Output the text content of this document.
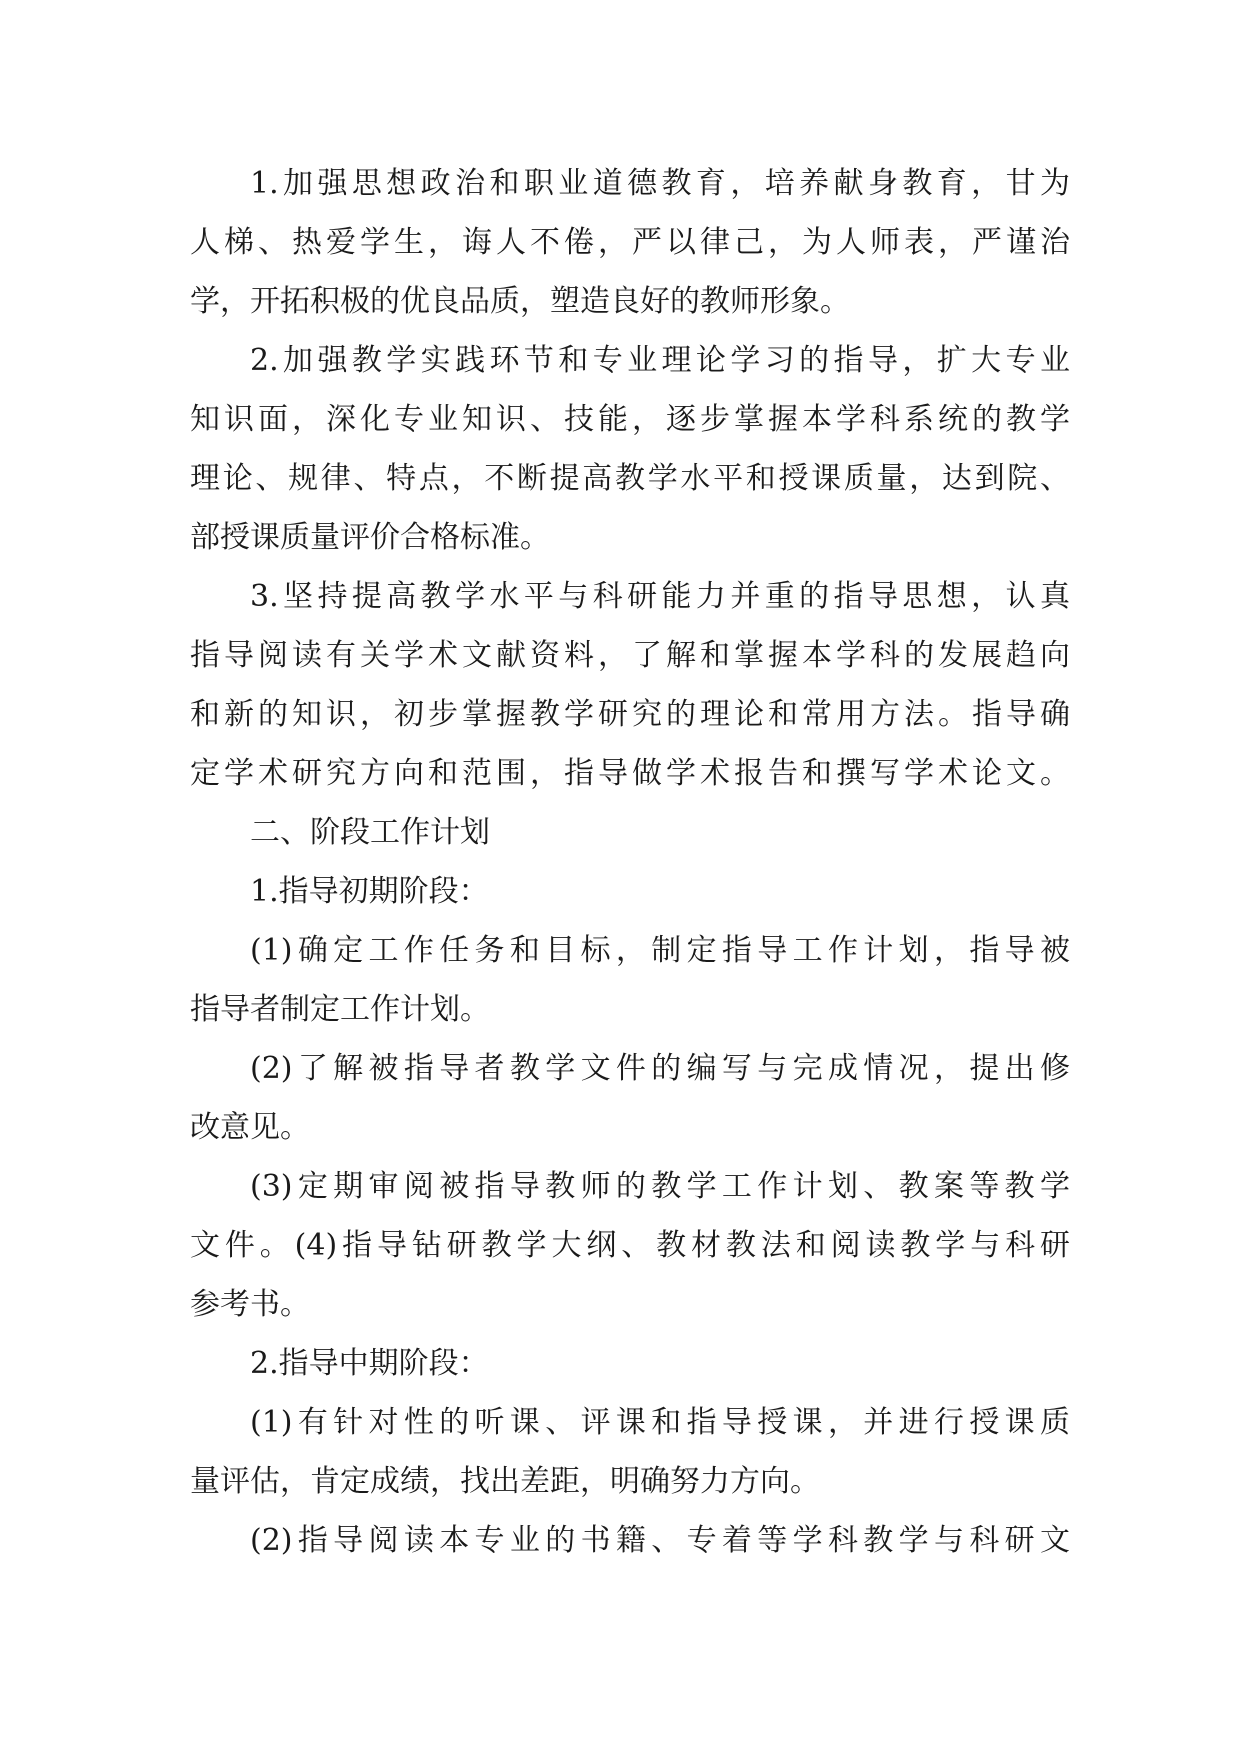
1.加强思想政治和职业道德教育，培养献身教育，甘为
人梯、热爱学生，诲人不倦，严以律己，为人师表，严谨治
学，开拓积极的优良品质，塑造良好的教师形象。
2.加强教学实践环节和专业理论学习的指导，扩大专业
知识面，深化专业知识、技能，逐步掌握本学科系统的教学
理论、规律、特点，不断提高教学水平和授课质量，达到院、
部授课质量评价合格标准。
3.坚持提高教学水平与科研能力并重的指导思想，认真
指导阅读有关学术文献资料，了解和掌握本学科的发展趋向
和新的知识，初步掌握教学研究的理论和常用方法。指导确
定学术研究方向和范围，指导做学术报告和撰写学术论文。
二、阶段工作计划
1.指导初期阶段：
(1)确定工作任务和目标，制定指导工作计划，指导被
指导者制定工作计划。
(2)了解被指导者教学文件的编写与完成情况，提出修
改意见。
(3)定期审阅被指导教师的教学工作计划、教案等教学
文件。(4)指导钻研教学大纲、教材教法和阅读教学与科研
参考书。
2.指导中期阶段：
(1)有针对性的听课、评课和指导授课，并进行授课质
量评估，肯定成绩，找出差距，明确努力方向。
(2)指导阅读本专业的书籍、专着等学科教学与科研文
